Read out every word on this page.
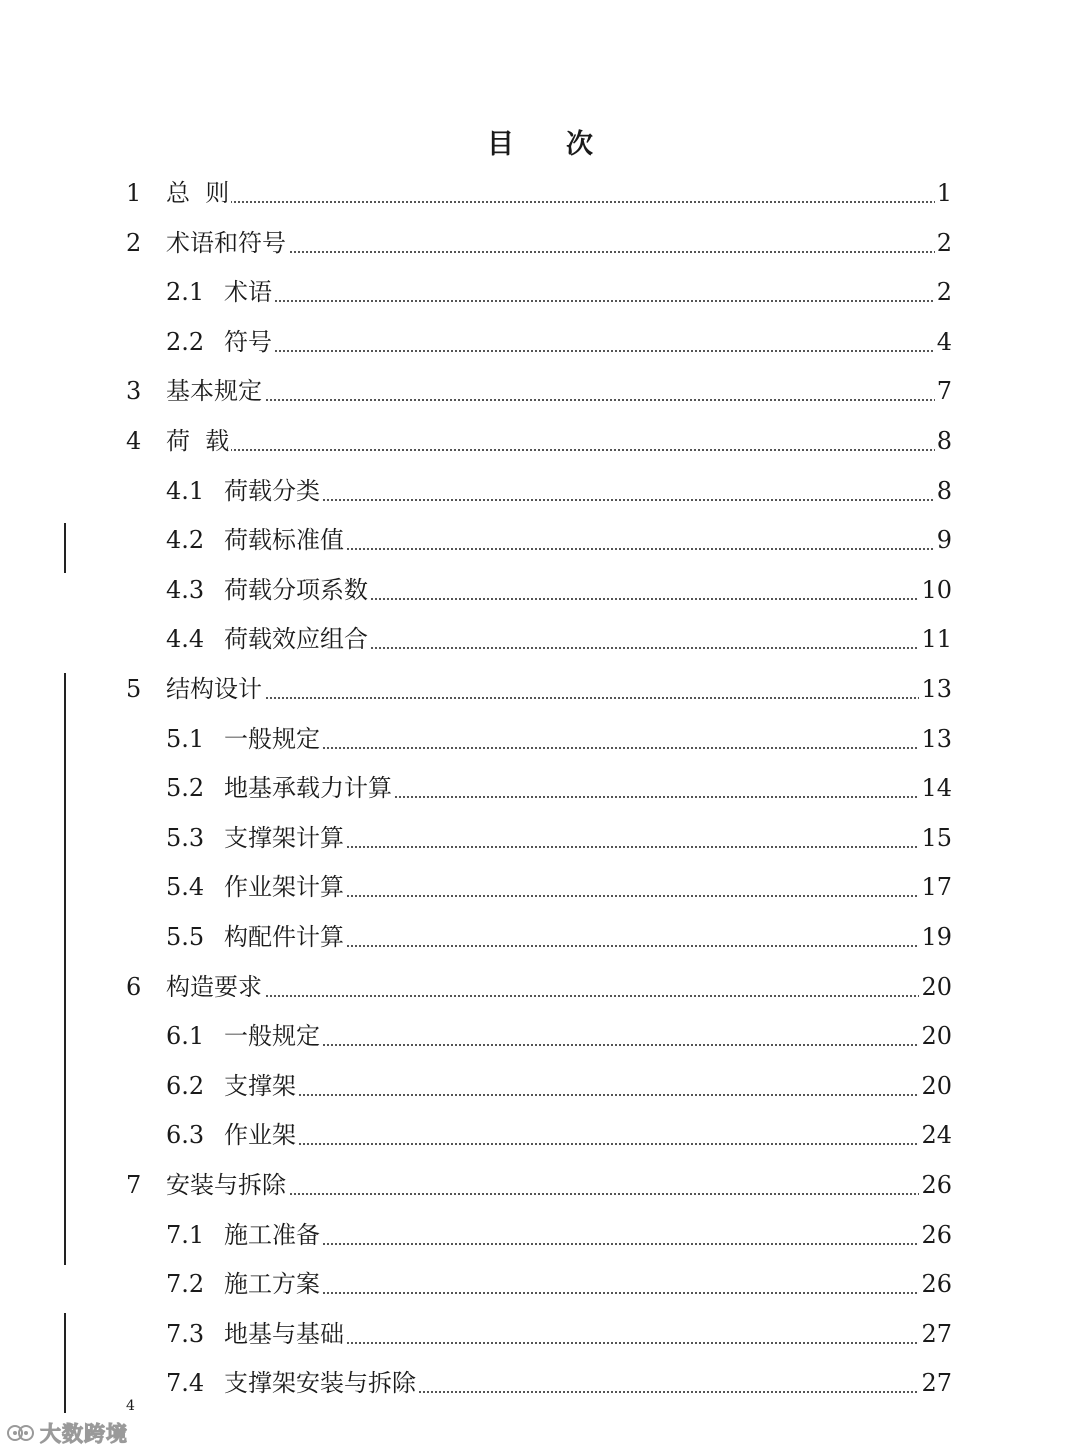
目 次
1 总  则	1
2 术语和符号	2
2.1 术语	2
2.2 符号	4
3 基本规定	7
4 荷  载	8
4.1 荷载分类	8
4.2 荷载标准值	9
4.3 荷载分项系数	10
4.4 荷载效应组合	11
5 结构设计	13
5.1 一般规定	13
5.2 地基承载力计算	14
5.3 支撑架计算	15
5.4 作业架计算	17
5.5 构配件计算	19
6 构造要求	20
6.1 一般规定	20
6.2 支撑架	20
6.3 作业架	24
7 安装与拆除	26
7.1 施工准备	26
7.2 施工方案	26
7.3 地基与基础	27
7.4 支撑架安装与拆除	27
4
大数跨境
